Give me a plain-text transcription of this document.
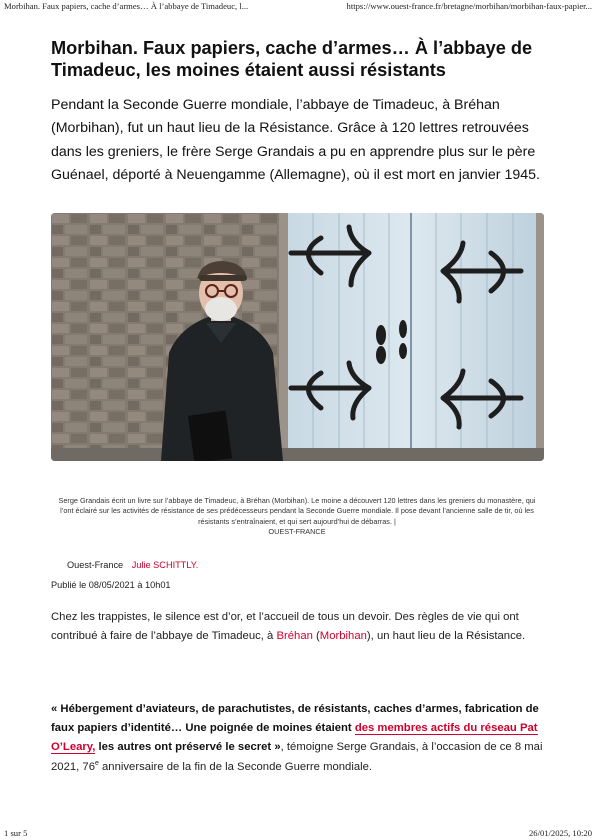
Morbihan. Faux papiers, cache d’armes… À l’abbaye de Timadeuc, l...	https://www.ouest-france.fr/bretagne/morbihan/morbihan-faux-papier...
Morbihan. Faux papiers, cache d’armes… À l’abbaye de Timadeuc, les moines étaient aussi résistants

Pendant la Seconde Guerre mondiale, l’abbaye de Timadeuc, à Bréhan (Morbihan), fut un haut lieu de la Résistance. Grâce à 120 lettres retrouvées dans les greniers, le frère Serge Grandais a pu en apprendre plus sur le père Guénael, déporté à Neuengamme (Allemagne), où il est mort en janvier 1945.

Serge Grandais écrit un livre sur l’abbaye de Timadeuc, à Bréhan (Morbihan). Le moine a découvert 120 lettres dans les greniers du monastère, qui l’ont éclairé sur les activités de résistance de ses prédécesseurs pendant la Seconde Guerre mondiale. Il pose devant l’ancienne salle de tir, où les résistants s’entraînaient, et qui sert aujourd’hui de débarras. |
OUEST-FRANCE

Ouest-France Julie SCHITTLY.
Publié le 08/05/2021 à 10h01

Chez les trappistes, le silence est d’or, et l’accueil de tous un devoir. Des règles de vie qui ont contribué à faire de l’abbaye de Timadeuc, à Bréhan (Morbihan), un haut lieu de la Résistance.

« Hébergement d’aviateurs, de parachutistes, de résistants, caches d’armes, fabrication de faux papiers d’identité… Une poignée de moines étaient des membres actifs du réseau Pat O’Leary, les autres ont préservé le secret », témoigne Serge Grandais, à l’occasion de ce 8 mai 2021, 76e anniversaire de la fin de la Seconde Guerre mondiale.

1 sur 5	26/01/2025, 10:20
